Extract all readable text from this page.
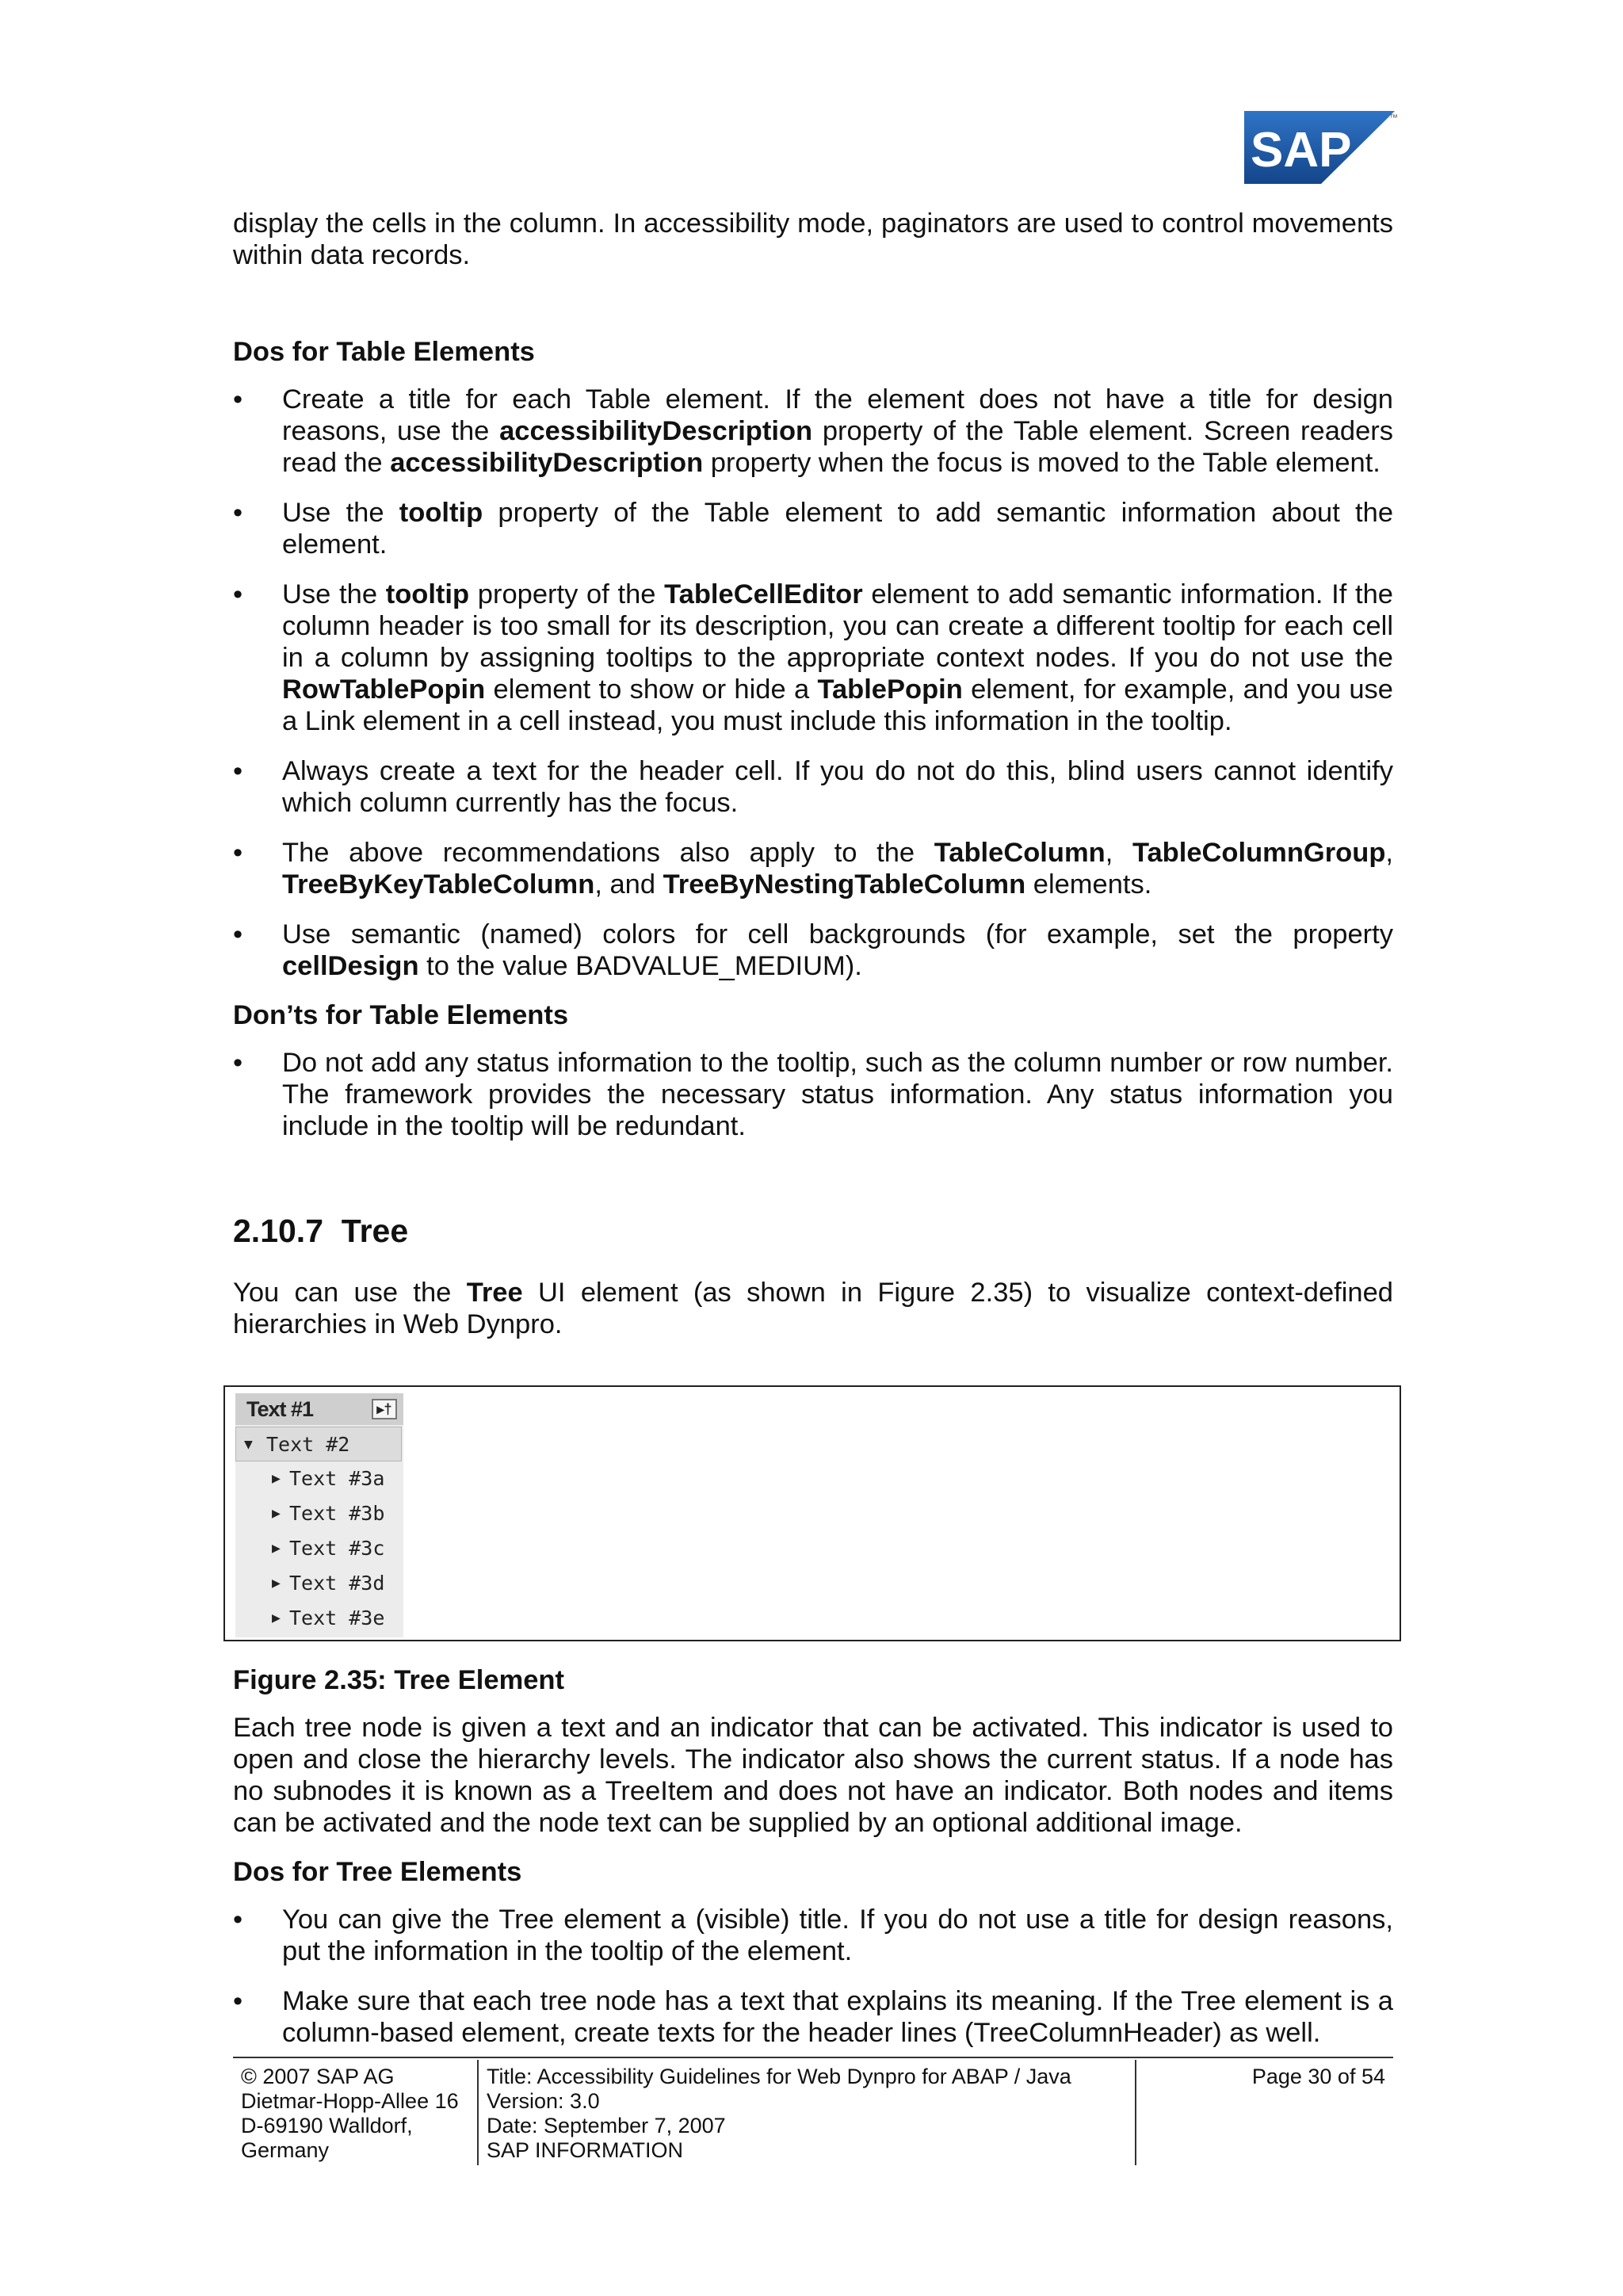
SAP
™

display the cells in the column. In accessibility mode, paginators are used to control movements within data records.

Dos for Table Elements
• Create a title for each Table element. If the element does not have a title for design reasons, use the accessibilityDescription property of the Table element. Screen readers read the accessibilityDescription property when the focus is moved to the Table element.
• Use the tooltip property of the Table element to add semantic information about the element.
• Use the tooltip property of the TableCellEditor element to add semantic information. If the column header is too small for its description, you can create a different tooltip for each cell in a column by assigning tooltips to the appropriate context nodes. If you do not use the RowTablePopin element to show or hide a TablePopin element, for example, and you use a Link element in a cell instead, you must include this information in the tooltip.
• Always create a text for the header cell. If you do not do this, blind users cannot identify which column currently has the focus.
• The above recommendations also apply to the TableColumn, TableColumnGroup, TreeByKeyTableColumn, and TreeByNestingTableColumn elements.
• Use semantic (named) colors for cell backgrounds (for example, set the property cellDesign to the value BADVALUE_MEDIUM).
Don’ts for Table Elements
• Do not add any status information to the tooltip, such as the column number or row number. The framework provides the necessary status information. Any status information you include in the tooltip will be redundant.
2.10.7 Tree

You can use the Tree UI element (as shown in Figure 2.35) to visualize context-defined hierarchies in Web Dynpro.

Text #1	▸†
▼ Text #2
▶ Text #3a
▶ Text #3b
▶ Text #3c
▶ Text #3d
▶ Text #3e
Figure 2.35: Tree Element

Each tree node is given a text and an indicator that can be activated. This indicator is used to open and close the hierarchy levels. The indicator also shows the current status. If a node has no subnodes it is known as a TreeItem and does not have an indicator. Both nodes and items can be activated and the node text can be supplied by an optional additional image.

Dos for Tree Elements
• You can give the Tree element a (visible) title. If you do not use a title for design reasons, put the information in the tooltip of the element.
• Make sure that each tree node has a text that explains its meaning. If the Tree element is a column-based element, create texts for the header lines (TreeColumnHeader) as well.
© 2007 SAP AG
Dietmar-Hopp-Allee 16
D-69190 Walldorf,
Germany
Title: Accessibility Guidelines for Web Dynpro for ABAP / Java
Version: 3.0
Date: September 7, 2007
SAP INFORMATION
Page 30 of 54
